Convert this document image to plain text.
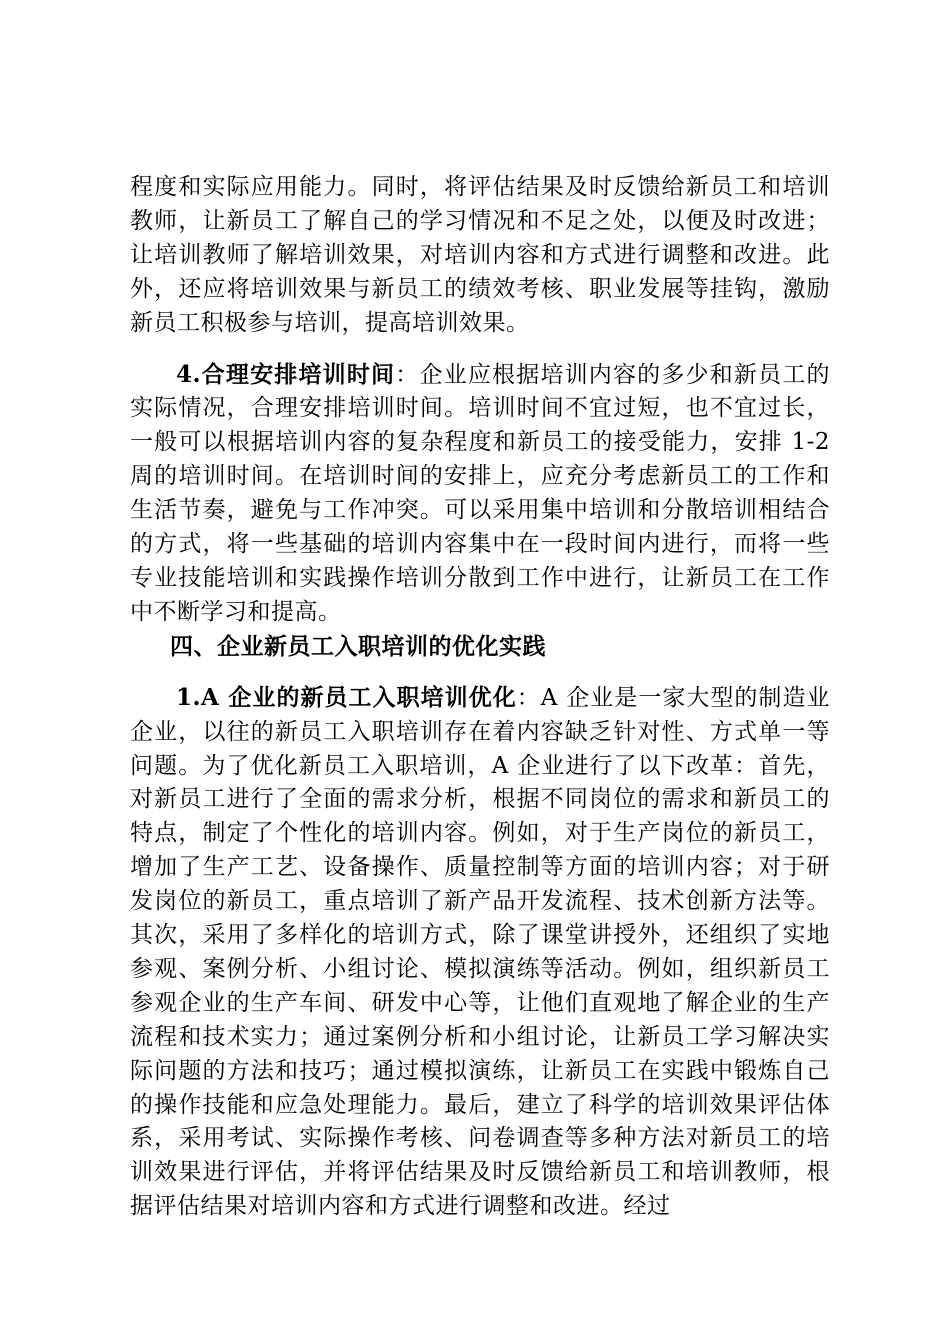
程度和实际应用能力。同时，将评估结果及时反馈给新员工和培训教师，让新员工了解自己的学习情况和不足之处，以便及时改进；让培训教师了解培训效果，对培训内容和方式进行调整和改进。此外，还应将培训效果与新员工的绩效考核、职业发展等挂钩，激励新员工积极参与培训，提高培训效果。

4.合理安排培训时间：企业应根据培训内容的多少和新员工的实际情况，合理安排培训时间。培训时间不宜过短，也不宜过长，一般可以根据培训内容的复杂程度和新员工的接受能力，安排 1-2 周的培训时间。在培训时间的安排上，应充分考虑新员工的工作和生活节奏，避免与工作冲突。可以采用集中培训和分散培训相结合的方式，将一些基础的培训内容集中在一段时间内进行，而将一些专业技能培训和实践操作培训分散到工作中进行，让新员工在工作中不断学习和提高。

四、企业新员工入职培训的优化实践

1.A 企业的新员工入职培训优化：A 企业是一家大型的制造业企业，以往的新员工入职培训存在着内容缺乏针对性、方式单一等问题。为了优化新员工入职培训，A 企业进行了以下改革：首先，对新员工进行了全面的需求分析，根据不同岗位的需求和新员工的特点，制定了个性化的培训内容。例如，对于生产岗位的新员工，增加了生产工艺、设备操作、质量控制等方面的培训内容；对于研发岗位的新员工，重点培训了新产品开发流程、技术创新方法等。其次，采用了多样化的培训方式，除了课堂讲授外，还组织了实地参观、案例分析、小组讨论、模拟演练等活动。例如，组织新员工参观企业的生产车间、研发中心等，让他们直观地了解企业的生产流程和技术实力；通过案例分析和小组讨论，让新员工学习解决实际问题的方法和技巧；通过模拟演练，让新员工在实践中锻炼自己的操作技能和应急处理能力。最后，建立了科学的培训效果评估体系，采用考试、实际操作考核、问卷调查等多种方法对新员工的培训效果进行评估，并将评估结果及时反馈给新员工和培训教师，根据评估结果对培训内容和方式进行调整和改进。经过
